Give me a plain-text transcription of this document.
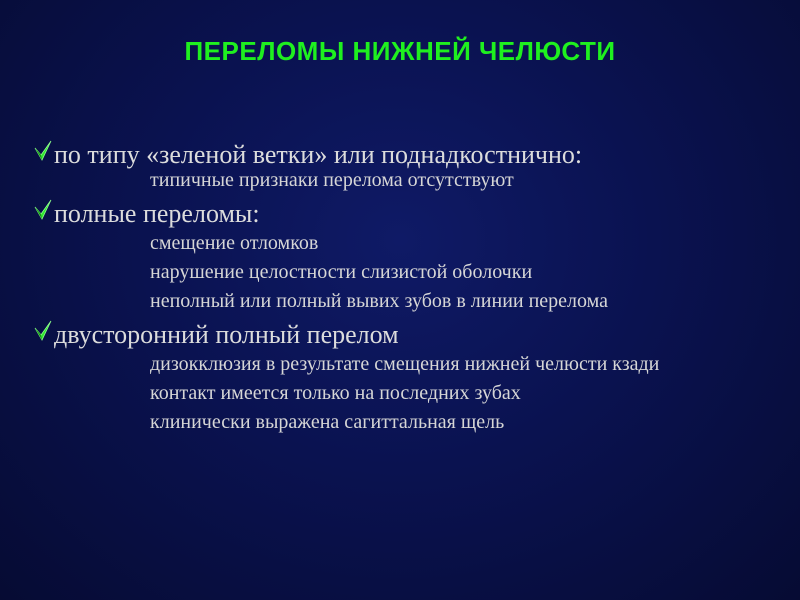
ПЕРЕЛОМЫ НИЖНЕЙ ЧЕЛЮСТИ
по типу «зеленой ветки» или поднадкостнично:
типичные признаки перелома отсутствуют
полные переломы:
смещение отломков
нарушение целостности слизистой оболочки
неполный или полный вывих зубов в линии перелома
двусторонний полный перелом
дизокклюзия в результате смещения нижней челюсти кзади
контакт имеется только на последних зубах
клинически выражена сагиттальная щель
